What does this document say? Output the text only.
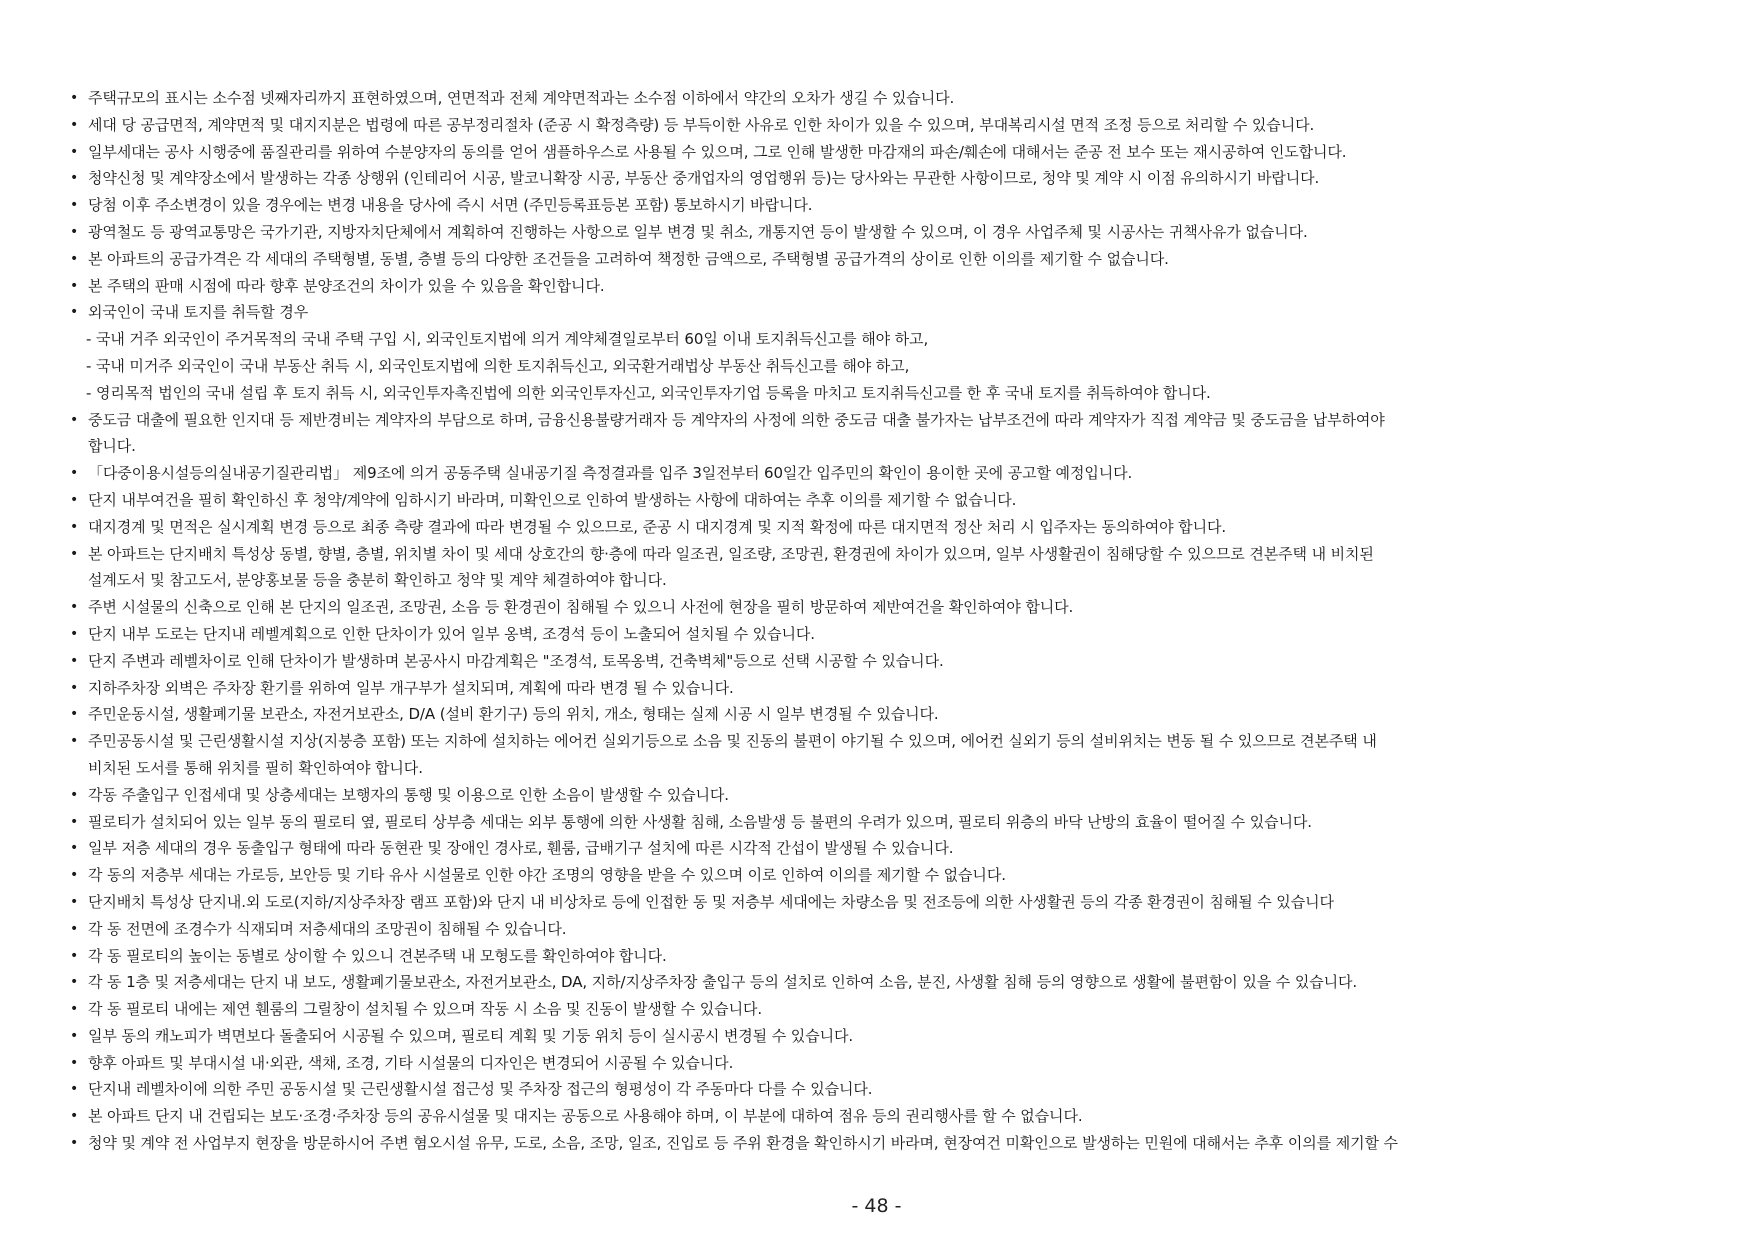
• 주택규모의 표시는 소수점 넷째자리까지 표현하였으며, 연면적과 전체 계약면적과는 소수점 이하에서 약간의 오차가 생길 수 있습니다.
• 세대 당 공급면적, 계약면적 및 대지지분은 법령에 따른 공부정리절차 (준공 시 확정측량) 등 부득이한 사유로 인한 차이가 있을 수 있으며, 부대복리시설 면적 조정 등으로 처리할 수 있습니다.
• 일부세대는 공사 시행중에 품질관리를 위하여 수분양자의 동의를 얻어 샘플하우스로 사용될 수 있으며, 그로 인해 발생한 마감재의 파손/훼손에 대해서는 준공 전 보수 또는 재시공하여 인도합니다.
• 청약신청 및 계약장소에서 발생하는 각종 상행위 (인테리어 시공, 발코니확장 시공, 부동산 중개업자의 영업행위 등)는 당사와는 무관한 사항이므로, 청약 및 계약 시 이점 유의하시기 바랍니다.
• 당첨 이후 주소변경이 있을 경우에는 변경 내용을 당사에 즉시 서면 (주민등록표등본 포함) 통보하시기 바랍니다.
• 광역철도 등 광역교통망은 국가기관, 지방자치단체에서 계획하여 진행하는 사항으로 일부 변경 및 취소, 개통지연 등이 발생할 수 있으며, 이 경우 사업주체 및 시공사는 귀책사유가 없습니다.
• 본 아파트의 공급가격은 각 세대의 주택형별, 동별, 층별 등의 다양한 조건들을 고려하여 책정한 금액으로, 주택형별 공급가격의 상이로 인한 이의를 제기할 수 없습니다.
• 본 주택의 판매 시점에 따라 향후 분양조건의 차이가 있을 수 있음을 확인합니다.
• 외국인이 국내 토지를 취득할 경우
- 국내 거주 외국인이 주거목적의 국내 주택 구입 시, 외국인토지법에 의거 계약체결일로부터 60일 이내 토지취득신고를 해야 하고,
- 국내 미거주 외국인이 국내 부동산 취득 시, 외국인토지법에 의한 토지취득신고, 외국환거래법상 부동산 취득신고를 해야 하고,
- 영리목적 법인의 국내 설립 후 토지 취득 시, 외국인투자촉진법에 의한 외국인투자신고, 외국인투자기업 등록을 마치고 토지취득신고를 한 후 국내 토지를 취득하여야 합니다.
• 중도금 대출에 필요한 인지대 등 제반경비는 계약자의 부담으로 하며, 금융신용불량거래자 등 계약자의 사정에 의한 중도금 대출 불가자는 납부조건에 따라 계약자가 직접 계약금 및 중도금을 납부하여야
합니다.
• 「다중이용시설등의실내공기질관리법」 제9조에 의거 공동주택 실내공기질 측정결과를 입주 3일전부터 60일간 입주민의 확인이 용이한 곳에 공고할 예정입니다.
• 단지 내부여건을 필히 확인하신 후 청약/계약에 임하시기 바라며, 미확인으로 인하여 발생하는 사항에 대하여는 추후 이의를 제기할 수 없습니다.
• 대지경계 및 면적은 실시계획 변경 등으로 최종 측량 결과에 따라 변경될 수 있으므로, 준공 시 대지경계 및 지적 확정에 따른 대지면적 정산 처리 시 입주자는 동의하여야 합니다.
• 본 아파트는 단지배치 특성상 동별, 향별, 층별, 위치별 차이 및 세대 상호간의 향·층에 따라 일조권, 일조량, 조망권, 환경권에 차이가 있으며, 일부 사생활권이 침해당할 수 있으므로 견본주택 내 비치된
설계도서 및 참고도서, 분양홍보물 등을 충분히 확인하고 청약 및 계약 체결하여야 합니다.
• 주변 시설물의 신축으로 인해 본 단지의 일조권, 조망권, 소음 등 환경권이 침해될 수 있으니 사전에 현장을 필히 방문하여 제반여건을 확인하여야 합니다.
• 단지 내부 도로는 단지내 레벨계획으로 인한 단차이가 있어 일부 옹벽, 조경석 등이 노출되어 설치될 수 있습니다.
• 단지 주변과 레벨차이로 인해 단차이가 발생하며 본공사시 마감계획은 "조경석, 토목옹벽, 건축벽체"등으로 선택 시공할 수 있습니다.
• 지하주차장 외벽은 주차장 환기를 위하여 일부 개구부가 설치되며, 계획에 따라 변경 될 수 있습니다.
• 주민운동시설, 생활폐기물 보관소, 자전거보관소, D/A (설비 환기구) 등의 위치, 개소, 형태는 실제 시공 시 일부 변경될 수 있습니다.
• 주민공동시설 및 근린생활시설 지상(지붕층 포함) 또는 지하에 설치하는 에어컨 실외기등으로 소음 및 진동의 불편이 야기될 수 있으며, 에어컨 실외기 등의 설비위치는 변동 될 수 있으므로 견본주택 내
비치된 도서를 통해 위치를 필히 확인하여야 합니다.
• 각동 주출입구 인접세대 및 상층세대는 보행자의 통행 및 이용으로 인한 소음이 발생할 수 있습니다.
• 필로티가 설치되어 있는 일부 동의 필로티 옆, 필로티 상부층 세대는 외부 통행에 의한 사생활 침해, 소음발생 등 불편의 우려가 있으며, 필로티 위층의 바닥 난방의 효율이 떨어질 수 있습니다.
• 일부 저층 세대의 경우 동출입구 형태에 따라 동현관 및 장애인 경사로, 휀룸, 급배기구 설치에 따른 시각적 간섭이 발생될 수 있습니다.
• 각 동의 저층부 세대는 가로등, 보안등 및 기타 유사 시설물로 인한 야간 조명의 영향을 받을 수 있으며 이로 인하여 이의를 제기할 수 없습니다.
• 단지배치 특성상 단지내.외 도로(지하/지상주차장 램프 포함)와 단지 내 비상차로 등에 인접한 동 및 저층부 세대에는 차량소음 및 전조등에 의한 사생활권 등의 각종 환경권이 침해될 수 있습니다
• 각 동 전면에 조경수가 식재되며 저층세대의 조망권이 침해될 수 있습니다.
• 각 동 필로티의 높이는 동별로 상이할 수 있으니 견본주택 내 모형도를 확인하여야 합니다.
• 각 동 1층 및 저층세대는 단지 내 보도, 생활폐기물보관소, 자전거보관소, DA, 지하/지상주차장 출입구 등의 설치로 인하여 소음, 분진, 사생활 침해 등의 영향으로 생활에 불편함이 있을 수 있습니다.
• 각 동 필로티 내에는 제연 휀룸의 그릴창이 설치될 수 있으며 작동 시 소음 및 진동이 발생할 수 있습니다.
• 일부 동의 캐노피가 벽면보다 돌출되어 시공될 수 있으며, 필로티 계획 및 기둥 위치 등이 실시공시 변경될 수 있습니다.
• 향후 아파트 및 부대시설 내·외관, 색채, 조경, 기타 시설물의 디자인은 변경되어 시공될 수 있습니다.
• 단지내 레벨차이에 의한 주민 공동시설 및 근린생활시설 접근성 및 주차장 접근의 형평성이 각 주동마다 다를 수 있습니다.
• 본 아파트 단지 내 건립되는 보도·조경·주차장 등의 공유시설물 및 대지는 공동으로 사용해야 하며, 이 부분에 대하여 점유 등의 권리행사를 할 수 없습니다.
• 청약 및 계약 전 사업부지 현장을 방문하시어 주변 혐오시설 유무, 도로, 소음, 조망, 일조, 진입로 등 주위 환경을 확인하시기 바라며, 현장여건 미확인으로 발생하는 민원에 대해서는 추후 이의를 제기할 수
- 48 -
